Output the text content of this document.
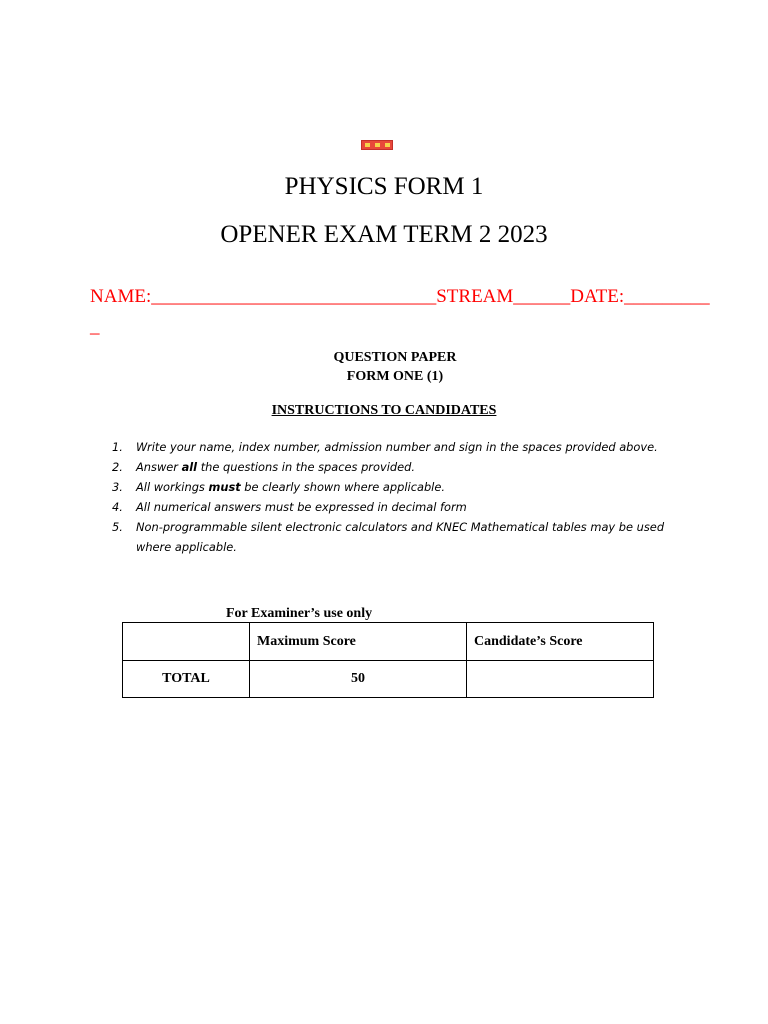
PHYSICS FORM 1
OPENER EXAM TERM 2 2023
NAME:______________________________STREAM______DATE:_________
_
QUESTION PAPER
FORM ONE (1)
INSTRUCTIONS TO CANDIDATES
1.	Write your name, index number, admission number and sign in the spaces provided above.
2.	Answer all the questions in the spaces provided.
3.	All workings must be clearly shown where applicable.
4.	All numerical answers must be expressed in decimal form
5.	Non-programmable silent electronic calculators and KNEC Mathematical tables may be used where applicable.
For Examiner’s use only
	Maximum Score	Candidate’s Score
TOTAL	50	
